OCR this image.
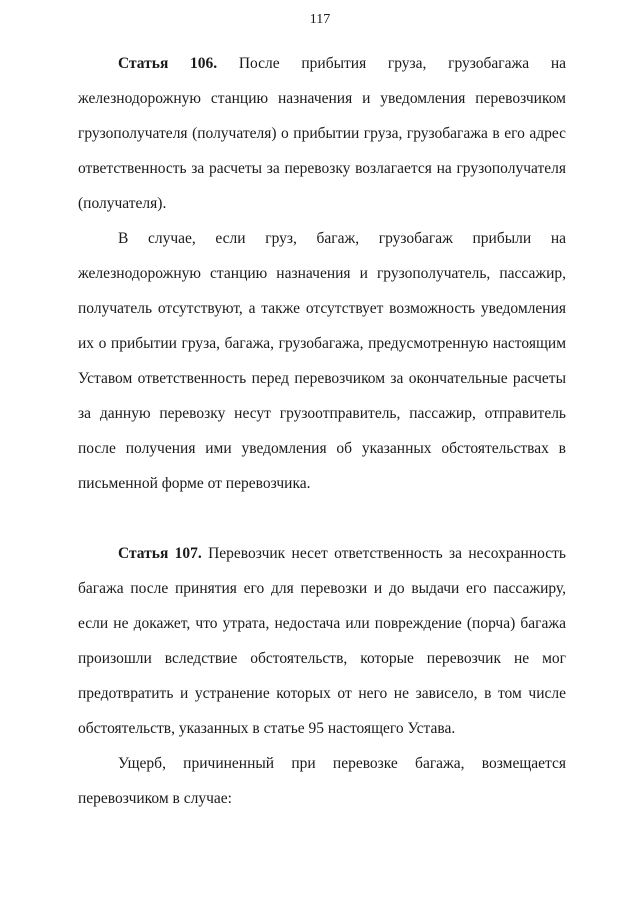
117

Статья 106. После прибытия груза, грузобагажа на железнодорожную станцию назначения и уведомления перевозчиком грузополучателя (получателя) о прибытии груза, грузобагажа в его адрес ответственность за расчеты за перевозку возлагается на грузополучателя (получателя).

В случае, если груз, багаж, грузобагаж прибыли на железнодорожную станцию назначения и грузополучатель, пассажир, получатель отсутствуют, а также отсутствует возможность уведомления их о прибытии груза, багажа, грузобагажа, предусмотренную настоящим Уставом ответственность перед перевозчиком за окончательные расчеты за данную перевозку несут грузоотправитель, пассажир, отправитель после получения ими уведомления об указанных обстоятельствах в письменной форме от перевозчика.

Статья 107. Перевозчик несет ответственность за несохранность багажа после принятия его для перевозки и до выдачи его пассажиру, если не докажет, что утрата, недостача или повреждение (порча) багажа произошли вследствие обстоятельств, которые перевозчик не мог предотвратить и устранение которых от него не зависело, в том числе обстоятельств, указанных в статье 95 настоящего Устава.

Ущерб, причиненный при перевозке багажа, возмещается перевозчиком в случае:
